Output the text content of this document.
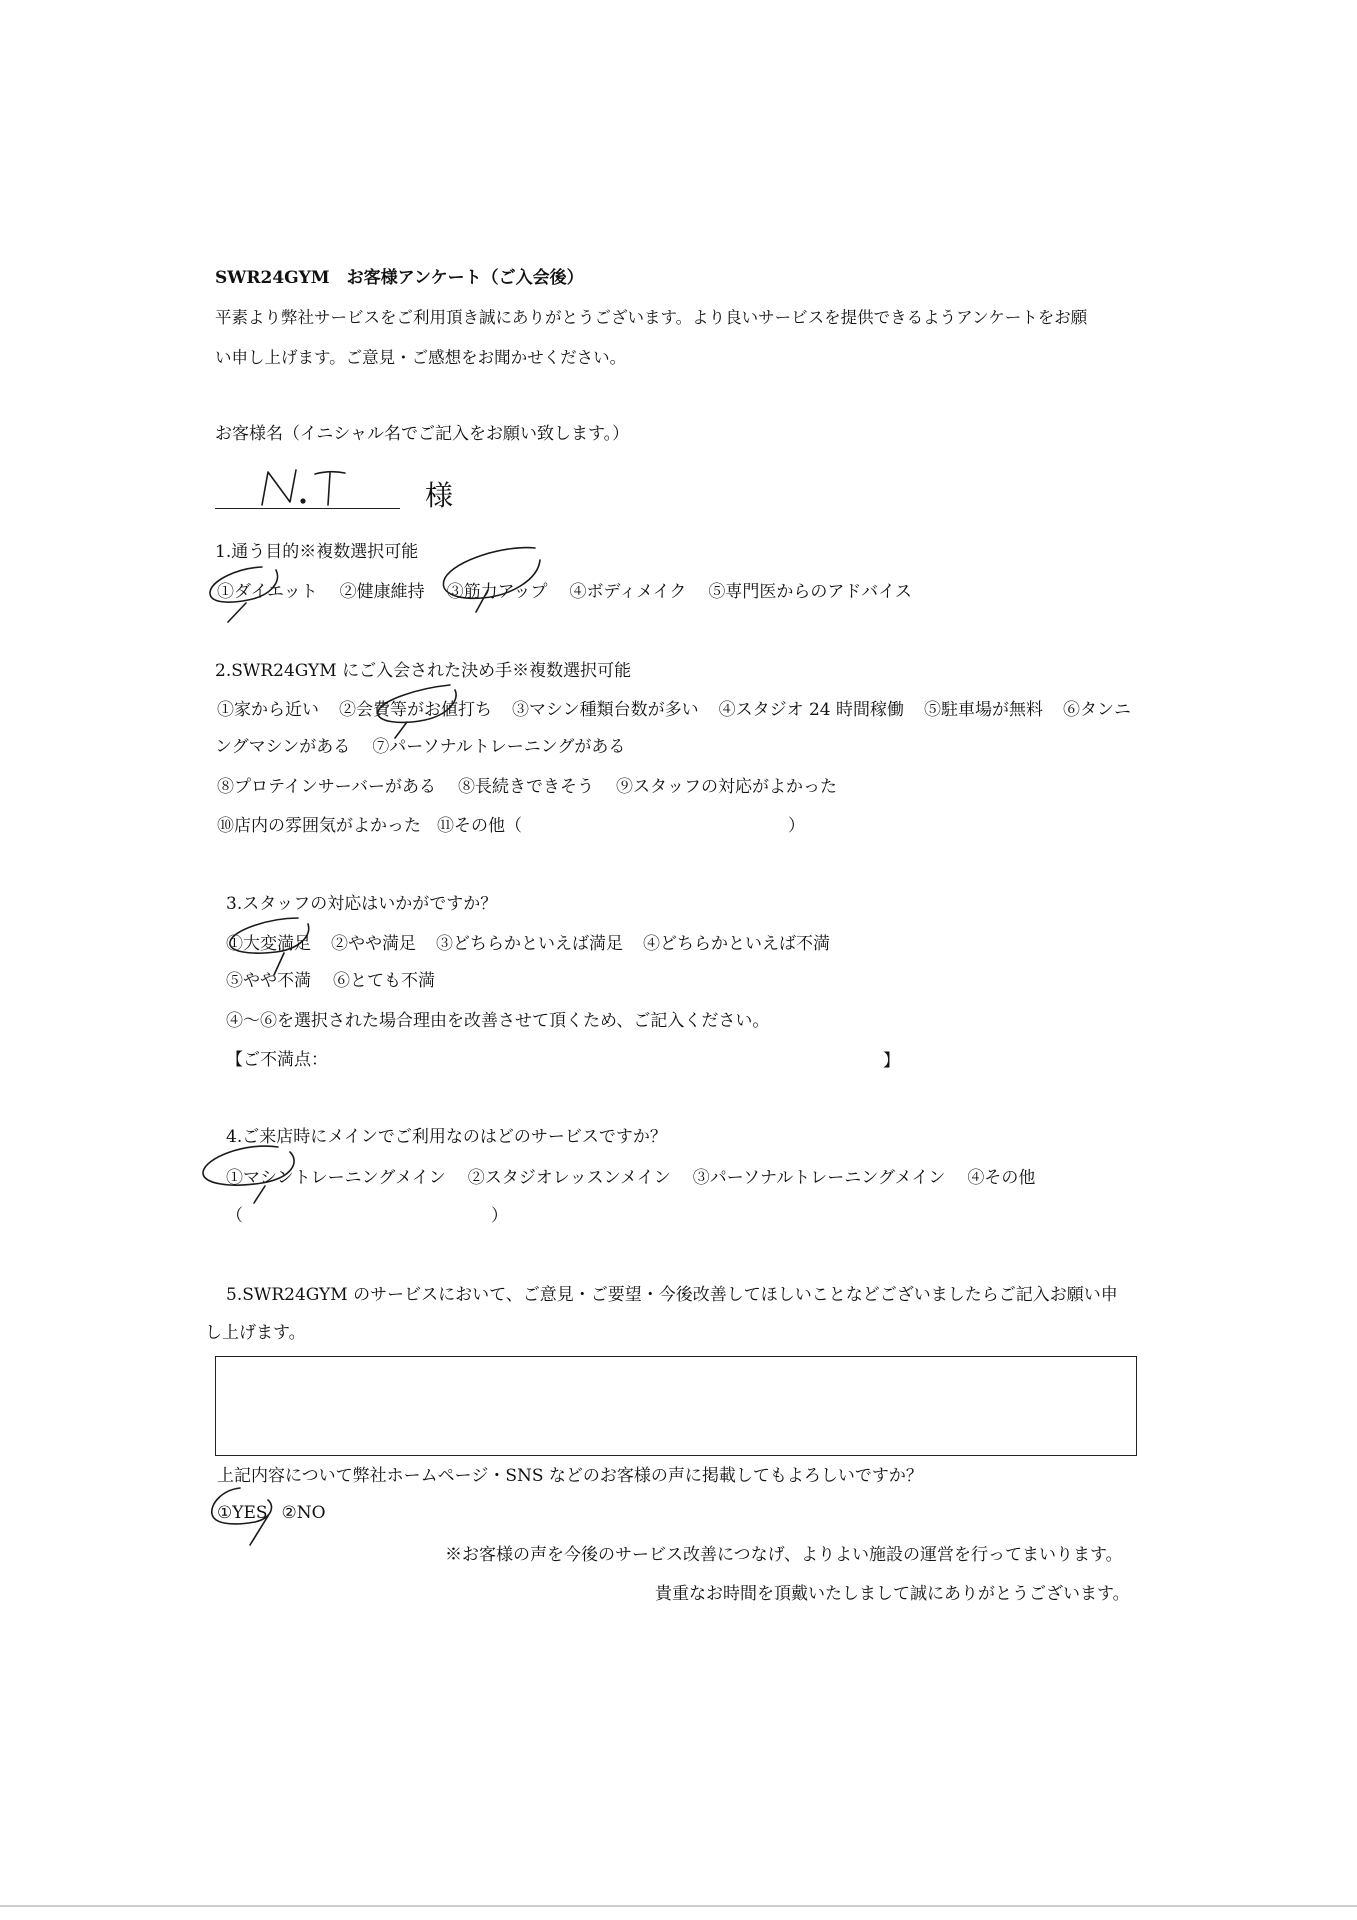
SWR24GYM　お客様アンケート（ご入会後）
平素より弊社サービスをご利用頂き誠にありがとうございます。より良いサービスを提供できるようアンケートをお願
い申し上げます。ご意見・ご感想をお聞かせください。
お客様名（イニシャル名でご記入をお願い致します。）
様
1.通う目的※複数選択可能
①ダイエット ②健康維持 ③筋力アップ ④ボディメイク ⑤専門医からのアドバイス
2.SWR24GYM にご入会された決め手※複数選択可能
①家から近い ②会費等がお値打ち ③マシン種類台数が多い ④スタジオ 24 時間稼働 ⑤駐車場が無料 ⑥タンニ
ングマシンがある ⑦パーソナルトレーニングがある
⑧プロテインサーバーがある ⑧長続きできそう ⑨スタッフの対応がよかった
⑩店内の雰囲気がよかった ⑪その他（	）
3.スタッフの対応はいかがですか？
①大変満足 ②やや満足 ③どちらかといえば満足 ④どちらかといえば不満
⑤やや不満 ⑥とても不満
④～⑥を選択された場合理由を改善させて頂くため、ご記入ください。
【ご不満点：	】
4.ご来店時にメインでご利用なのはどのサービスですか？
①マシントレーニングメイン ②スタジオレッスンメイン ③パーソナルトレーニングメイン ④その他
（	）
5.SWR24GYM のサービスにおいて、ご意見・ご要望・今後改善してほしいことなどございましたらご記入お願い申
し上げます。
上記内容について弊社ホームページ・SNS などのお客様の声に掲載してもよろしいですか？
①YES ②NO
※お客様の声を今後のサービス改善につなげ、よりよい施設の運営を行ってまいります。
貴重なお時間を頂戴いたしまして誠にありがとうございます。
